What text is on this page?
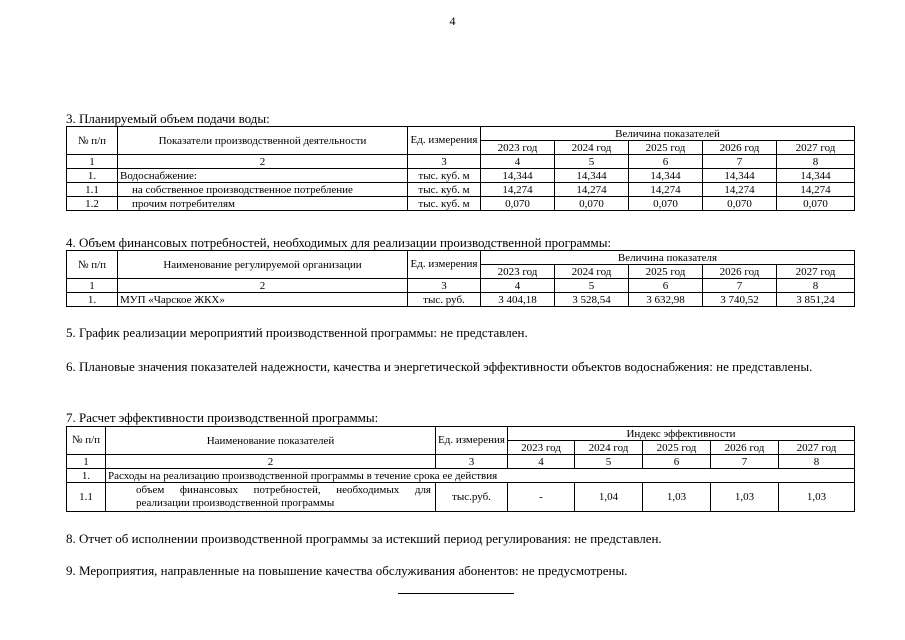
4
3. Планируемый объем подачи воды:
№ п/п	Показатели производственной деятельности	Ед. измерения	Величина показателей				
			2023 год	2024 год	2025 год	2026 год	2027 год
1	2	3	4	5	6	7	8
1.	Водоснабжение:	тыс. куб. м	14,344	14,344	14,344	14,344	14,344
1.1	на собственное производственное потребление	тыс. куб. м	14,274	14,274	14,274	14,274	14,274
1.2	прочим потребителям	тыс. куб. м	0,070	0,070	0,070	0,070	0,070
4. Объем финансовых потребностей, необходимых для реализации производственной программы:
№ п/п	Наименование регулируемой организации	Ед. измерения	Величина показателя				
			2023 год	2024 год	2025 год	2026 год	2027 год
1	2	3	4	5	6	7	8
1.	МУП «Чарское ЖКХ»	тыс. руб.	3 404,18	3 528,54	3 632,98	3 740,52	3 851,24
5. График реализации мероприятий производственной программы: не представлен.
6. Плановые значения показателей надежности, качества и энергетической эффективности объектов водоснабжения: не представлены.
7. Расчет эффективности производственной программы:
№ п/п	Наименование показателей	Ед. измерения	Индекс эффективности				
			2023 год	2024 год	2025 год	2026 год	2027 год
1	2	3	4	5	6	7	8
1.	Расходы на реализацию производственной программы в течение срока ее действия						
1.1	объем финансовых потребностей, необходимых для реализации производственной программы	тыс.руб.	-	1,04	1,03	1,03	1,03
8. Отчет об исполнении производственной программы за истекший период регулирования: не представлен.
9. Мероприятия, направленные на повышение качества обслуживания абонентов: не предусмотрены.
